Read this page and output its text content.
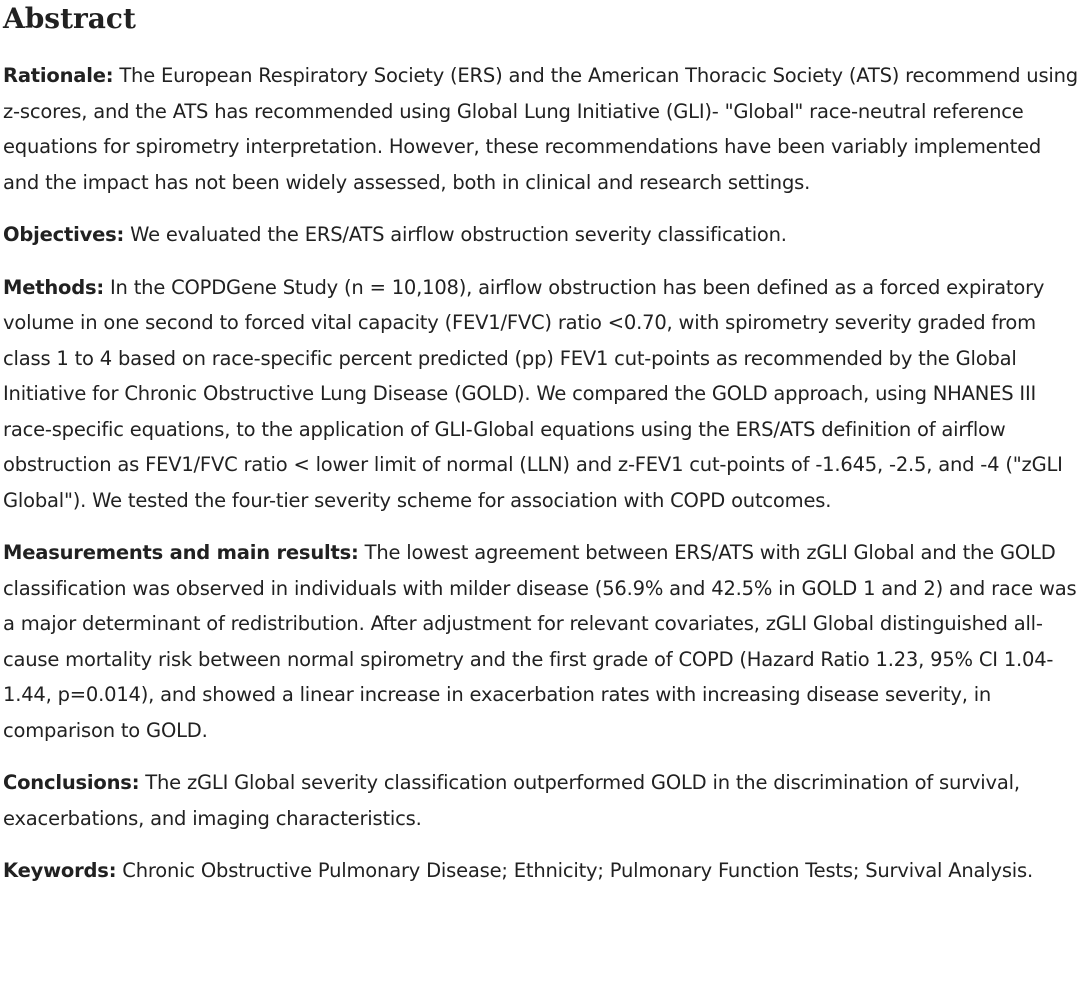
Abstract

Rationale: The European Respiratory Society (ERS) and the American Thoracic Society (ATS) recommend using z-scores, and the ATS has recommended using Global Lung Initiative (GLI)- "Global" race-neutral reference equations for spirometry interpretation. However, these recommendations have been variably implemented and the impact has not been widely assessed, both in clinical and research settings.

Objectives: We evaluated the ERS/ATS airflow obstruction severity classification.

Methods: In the COPDGene Study (n = 10,108), airflow obstruction has been defined as a forced expiratory volume in one second to forced vital capacity (FEV1/FVC) ratio <0.70, with spirometry severity graded from class 1 to 4 based on race-specific percent predicted (pp) FEV1 cut-points as recommended by the Global Initiative for Chronic Obstructive Lung Disease (GOLD). We compared the GOLD approach, using NHANES III race-specific equations, to the application of GLI-Global equations using the ERS/ATS definition of airflow obstruction as FEV1/FVC ratio < lower limit of normal (LLN) and z-FEV1 cut-points of -1.645, -2.5, and -4 ("zGLI Global"). We tested the four-tier severity scheme for association with COPD outcomes.

Measurements and main results: The lowest agreement between ERS/ATS with zGLI Global and the GOLD classification was observed in individuals with milder disease (56.9% and 42.5% in GOLD 1 and 2) and race was a major determinant of redistribution. After adjustment for relevant covariates, zGLI Global distinguished all-cause mortality risk between normal spirometry and the first grade of COPD (Hazard Ratio 1.23, 95% CI 1.04-1.44, p=0.014), and showed a linear increase in exacerbation rates with increasing disease severity, in comparison to GOLD.

Conclusions: The zGLI Global severity classification outperformed GOLD in the discrimination of survival, exacerbations, and imaging characteristics.

Keywords: Chronic Obstructive Pulmonary Disease; Ethnicity; Pulmonary Function Tests; Survival Analysis.
